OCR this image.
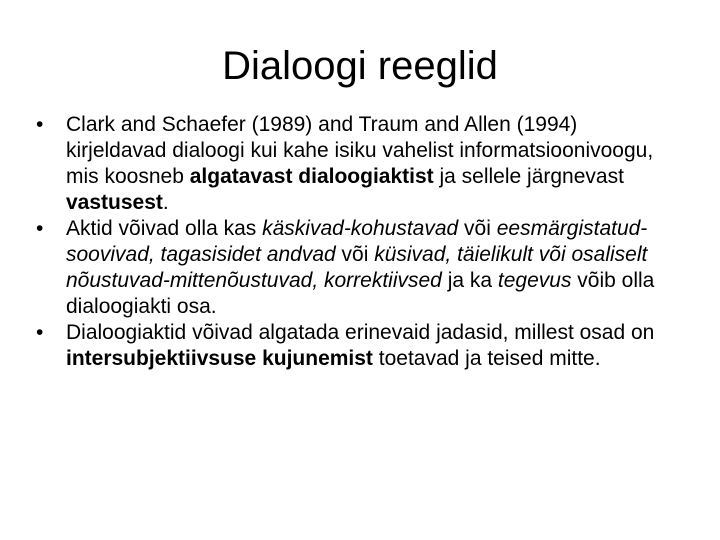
Dialoogi reeglid
•	Clark and Schaefer (1989) and Traum and Allen (1994) kirjeldavad dialoogi kui kahe isiku vahelist informatsioonivoogu, mis koosneb algatavast dialoogiaktist ja sellele järgnevast vastusest.
•	Aktid võivad olla kas käskivad-kohustavad või eesmärgistatud-soovivad, tagasisidet andvad või küsivad, täielikult või osaliselt nõustuvad-mittenõustuvad, korrektiivsed ja ka tegevus võib olla dialoogiakti osa.
•	Dialoogiaktid võivad algatada erinevaid jadasid, millest osad on intersubjektiivsuse kujunemist toetavad ja teised mitte.
